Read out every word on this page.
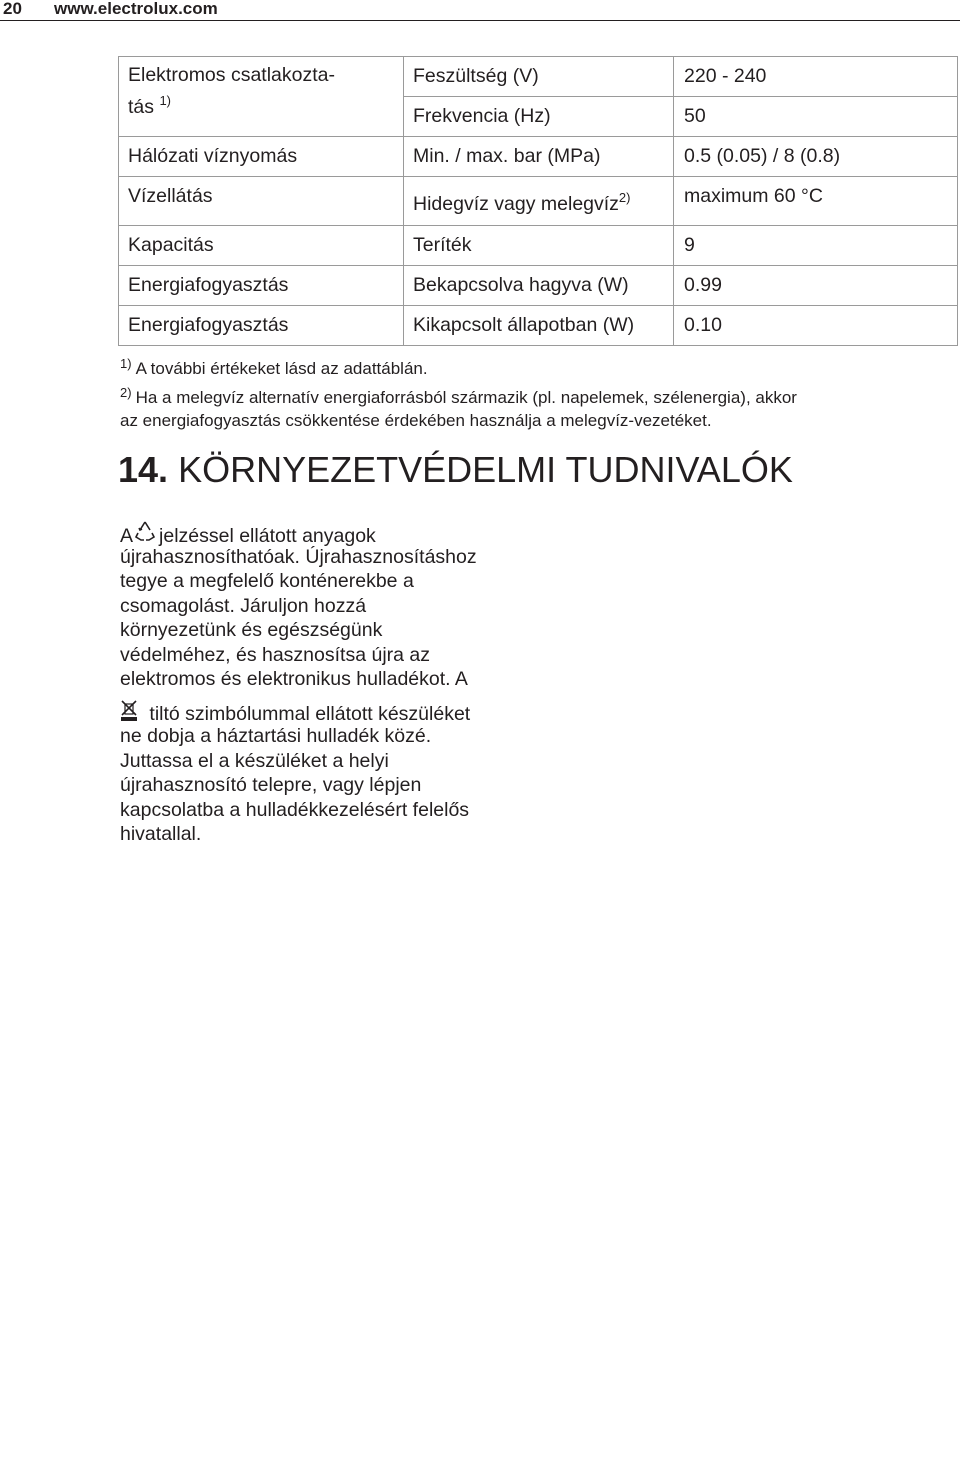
20 www.electrolux.com
Elektromos csatlakozta-
tás $^{1)}$
Feszültség (V)	220 - 240
Frekvencia (Hz)	50
Hálózati víznyomás	Min. / max. bar (MPa)	0.5 (0.05) / 8 (0.8)
Vízellátás	Hidegvíz vagy melegvíz$^{2)}$	maximum 60 °C
Kapacitás	Teríték	9
Energiafogyasztás	Bekapcsolva hagyva (W)	0.99
Energiafogyasztás	Kikapcsolt állapotban (W)	0.10
$^{1)}$ A további értékeket lásd az adattáblán.
$^{2)}$ Ha a melegvíz alternatív energiaforrásból származik (pl. napelemek, szélenergia), akkor
az energiafogyasztás csökkentése érdekében használja a melegvíz-vezetéket.
14. KÖRNYEZETVÉDELMI TUDNIVALÓK
A jelzéssel ellátott anyagok
újrahasznosíthatóak. Újrahasznosításhoz
tegye a megfelelő konténerekbe a
csomagolást. Járuljon hozzá
környezetünk és egészségünk
védelméhez, és hasznosítsa újra az
elektromos és elektronikus hulladékot. A
tiltó szimbólummal ellátott készüléket
ne dobja a háztartási hulladék közé.
Juttassa el a készüléket a helyi
újrahasznosító telepre, vagy lépjen
kapcsolatba a hulladékkezelésért felelős
hivatallal.
